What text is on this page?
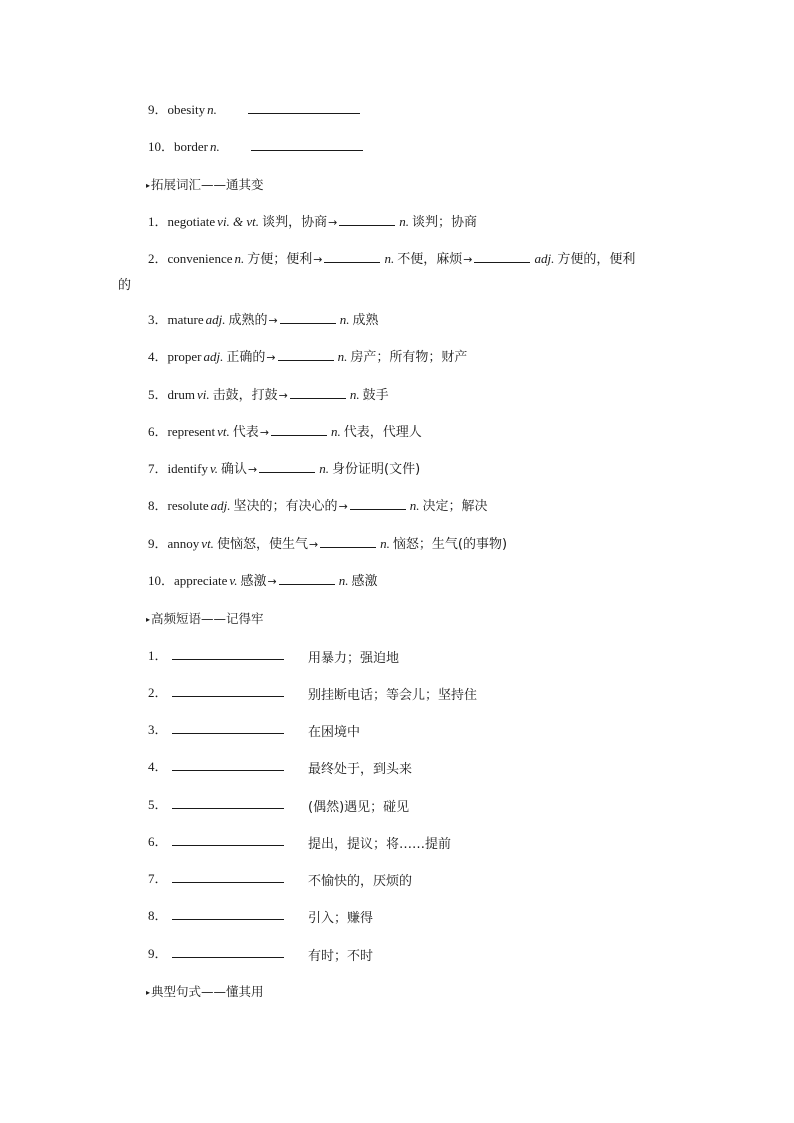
9．obesity n.
10．border n.
▸拓展词汇——通其变
1．negotiate vi. & vt. 谈判，协商→	n. 谈判；协商
2．convenience n. 方便；便利→	n. 不便，麻烦→	adj. 方便的，便利
的
3．mature adj. 成熟的→	n. 成熟
4．proper adj. 正确的→	n. 房产；所有物；财产
5．drum vi. 击鼓，打鼓→	n. 鼓手
6．represent vt. 代表→	n. 代表，代理人
7．identify v. 确认→	n. 身份证明(文件)
8．resolute adj. 坚决的；有决心的→	n. 决定；解决
9．annoy vt. 使恼怒，使生气→	n. 恼怒；生气(的事物)
10．appreciate v. 感激→	n. 感激
▸高频短语——记得牢
1．	用暴力；强迫地
2．	别挂断电话；等会儿；坚持住
3．	在困境中
4．	最终处于，到头来
5．	(偶然)遇见；碰见
6．	提出，提议；将……提前
7．	不愉快的，厌烦的
8．	引入；赚得
9．	有时；不时
▸典型句式——懂其用
